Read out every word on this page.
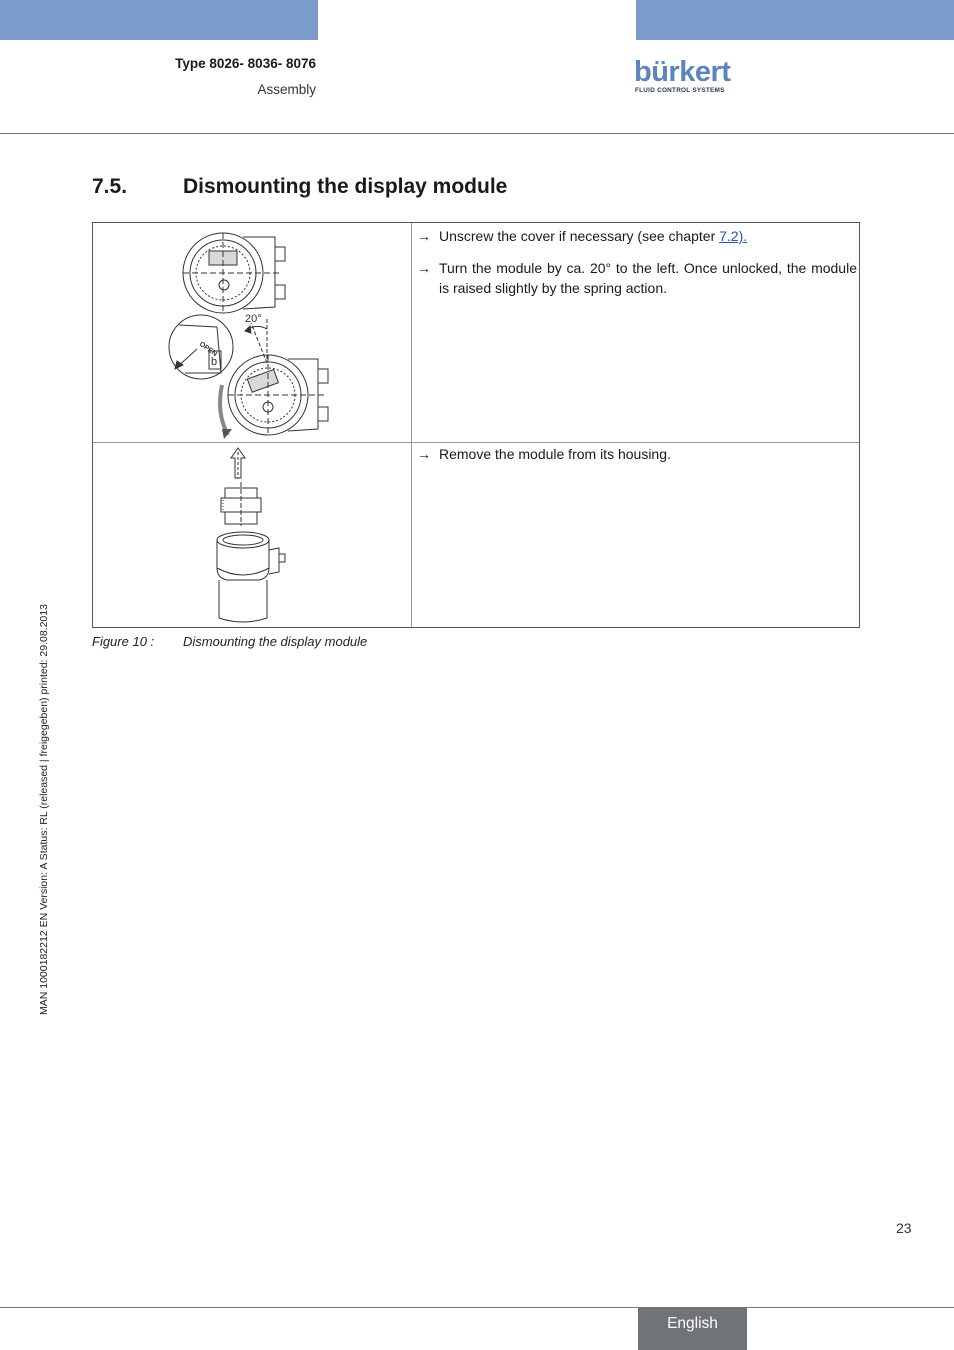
Type 8026- 8036- 8076
Assembly
bürkert
FLUID CONTROL SYSTEMS
7.5.	Dismounting the display module
20°
OPEN
b
→ Unscrew the cover if necessary (see chapter 7.2).
→ Turn the module by ca. 20° to the left. Once unlocked, the module is raised slightly by the spring action.
→ Remove the module from its housing.
Figure 10 : Dismounting the display module
MAN 1000182212 EN Version: A Status: RL (released | freigegeben) printed: 29.08.2013
23
English
